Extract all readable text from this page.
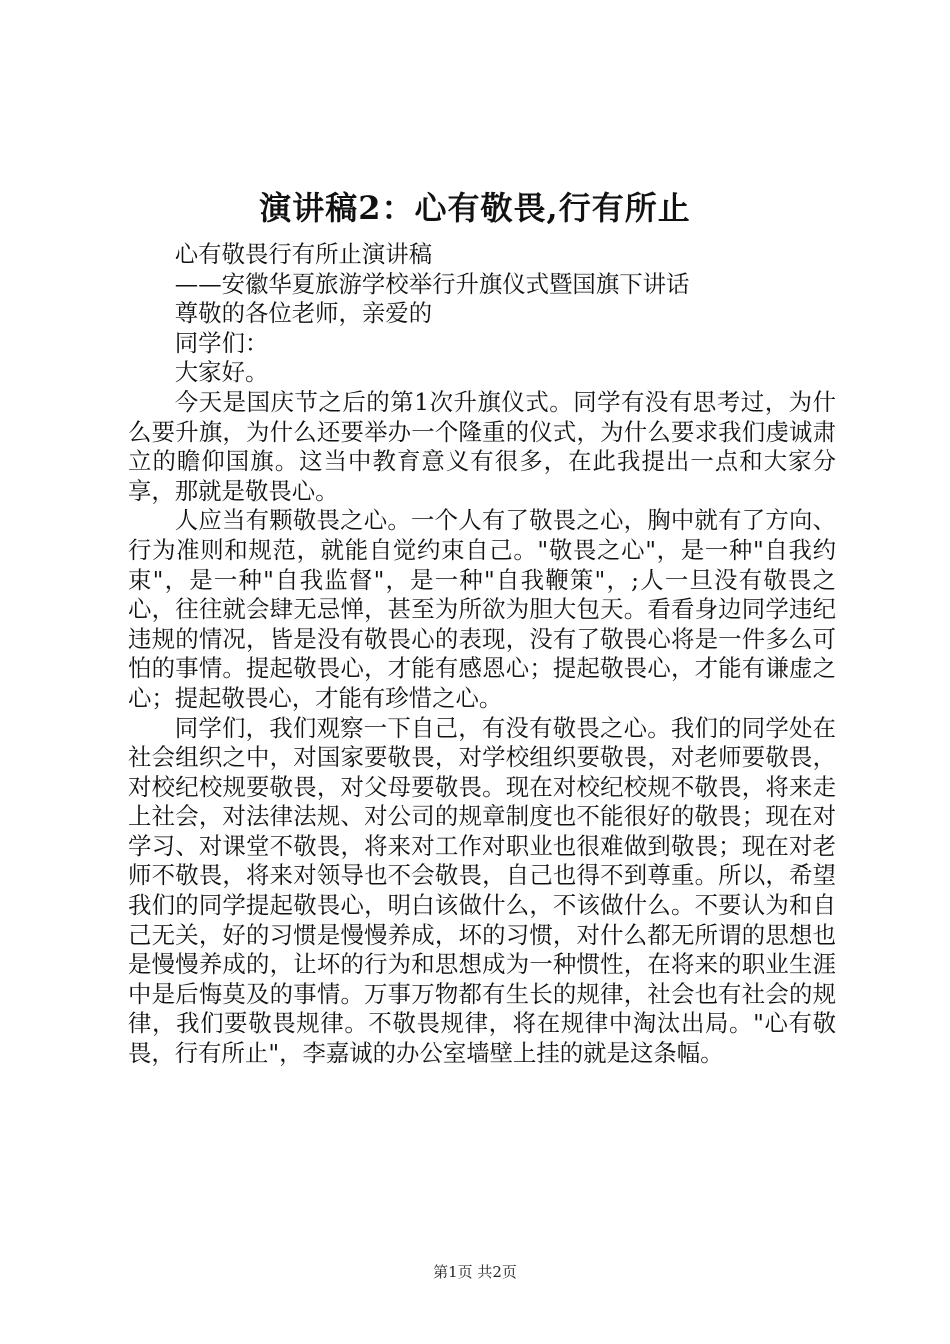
演讲稿2：心有敬畏,行有所止

心有敬畏行有所止演讲稿

——安徽华夏旅游学校举行升旗仪式暨国旗下讲话

尊敬的各位老师，亲爱的

同学们：

大家好。

今天是国庆节之后的第1次升旗仪式。同学有没有思考过，为什么要升旗，为什么还要举办一个隆重的仪式，为什么要求我们虔诚肃立的瞻仰国旗。这当中教育意义有很多，在此我提出一点和大家分享，那就是敬畏心。

人应当有颗敬畏之心。一个人有了敬畏之心，胸中就有了方向、行为准则和规范，就能自觉约束自己。"敬畏之心"，是一种"自我约束"，是一种"自我监督"，是一种"自我鞭策"，;人一旦没有敬畏之心，往往就会肆无忌惮，甚至为所欲为胆大包天。看看身边同学违纪违规的情况，皆是没有敬畏心的表现，没有了敬畏心将是一件多么可怕的事情。提起敬畏心，才能有感恩心；提起敬畏心，才能有谦虚之心；提起敬畏心，才能有珍惜之心。

同学们，我们观察一下自己，有没有敬畏之心。我们的同学处在社会组织之中，对国家要敬畏，对学校组织要敬畏，对老师要敬畏，对校纪校规要敬畏，对父母要敬畏。现在对校纪校规不敬畏，将来走上社会，对法律法规、对公司的规章制度也不能很好的敬畏；现在对学习、对课堂不敬畏，将来对工作对职业也很难做到敬畏；现在对老师不敬畏，将来对领导也不会敬畏，自己也得不到尊重。所以，希望我们的同学提起敬畏心，明白该做什么，不该做什么。不要认为和自己无关，好的习惯是慢慢养成，坏的习惯，对什么都无所谓的思想也是慢慢养成的，让坏的行为和思想成为一种惯性，在将来的职业生涯中是后悔莫及的事情。万事万物都有生长的规律，社会也有社会的规律，我们要敬畏规律。不敬畏规律，将在规律中淘汰出局。"心有敬畏，行有所止"，李嘉诚的办公室墙壁上挂的就是这条幅。

第1页 共2页
